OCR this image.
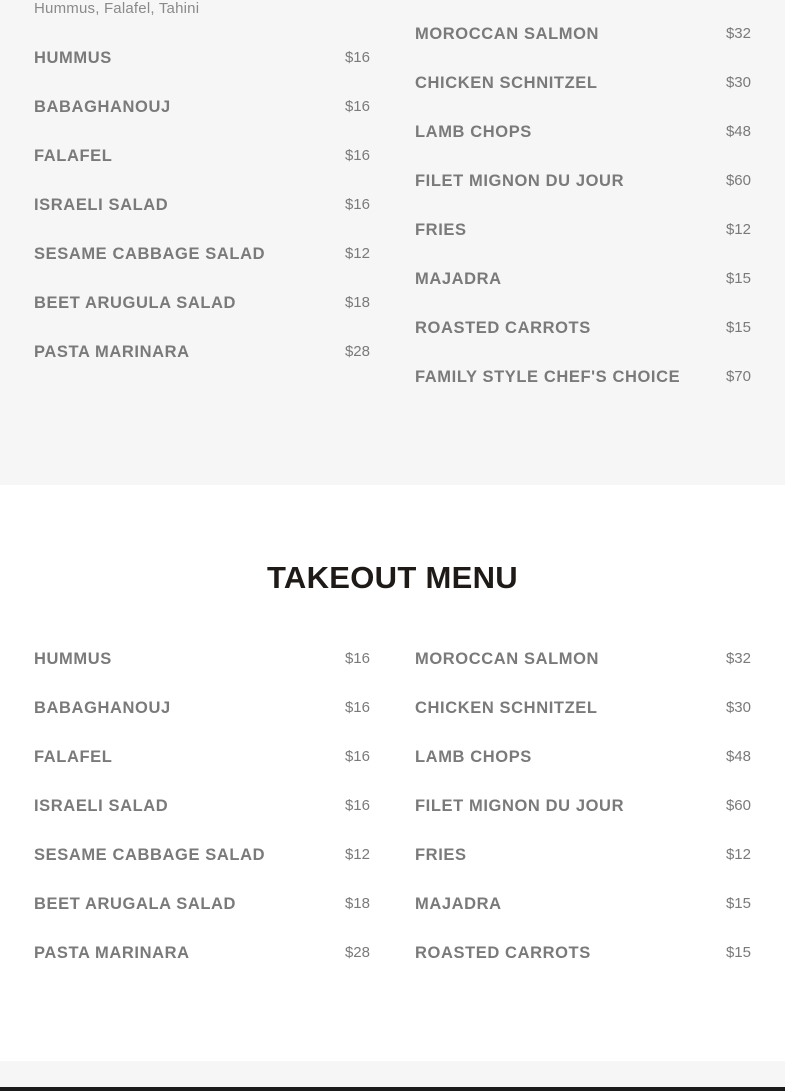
Hummus, Falafel, Tahini
HUMMUS	$16
BABAGHANOUJ	$16
FALAFEL	$16
ISRAELI SALAD	$16
SESAME CABBAGE SALAD	$12
BEET ARUGULA SALAD	$18
PASTA MARINARA	$28
MOROCCAN SALMON	$32
CHICKEN SCHNITZEL	$30
LAMB CHOPS	$48
FILET MIGNON DU JOUR	$60
FRIES	$12
MAJADRA	$15
ROASTED CARROTS	$15
FAMILY STYLE CHEF'S CHOICE	$70
TAKEOUT MENU
HUMMUS	$16
BABAGHANOUJ	$16
FALAFEL	$16
ISRAELI SALAD	$16
SESAME CABBAGE SALAD	$12
BEET ARUGALA SALAD	$18
PASTA MARINARA	$28
MOROCCAN SALMON	$32
CHICKEN SCHNITZEL	$30
LAMB CHOPS	$48
FILET MIGNON DU JOUR	$60
FRIES	$12
MAJADRA	$15
ROASTED CARROTS	$15
